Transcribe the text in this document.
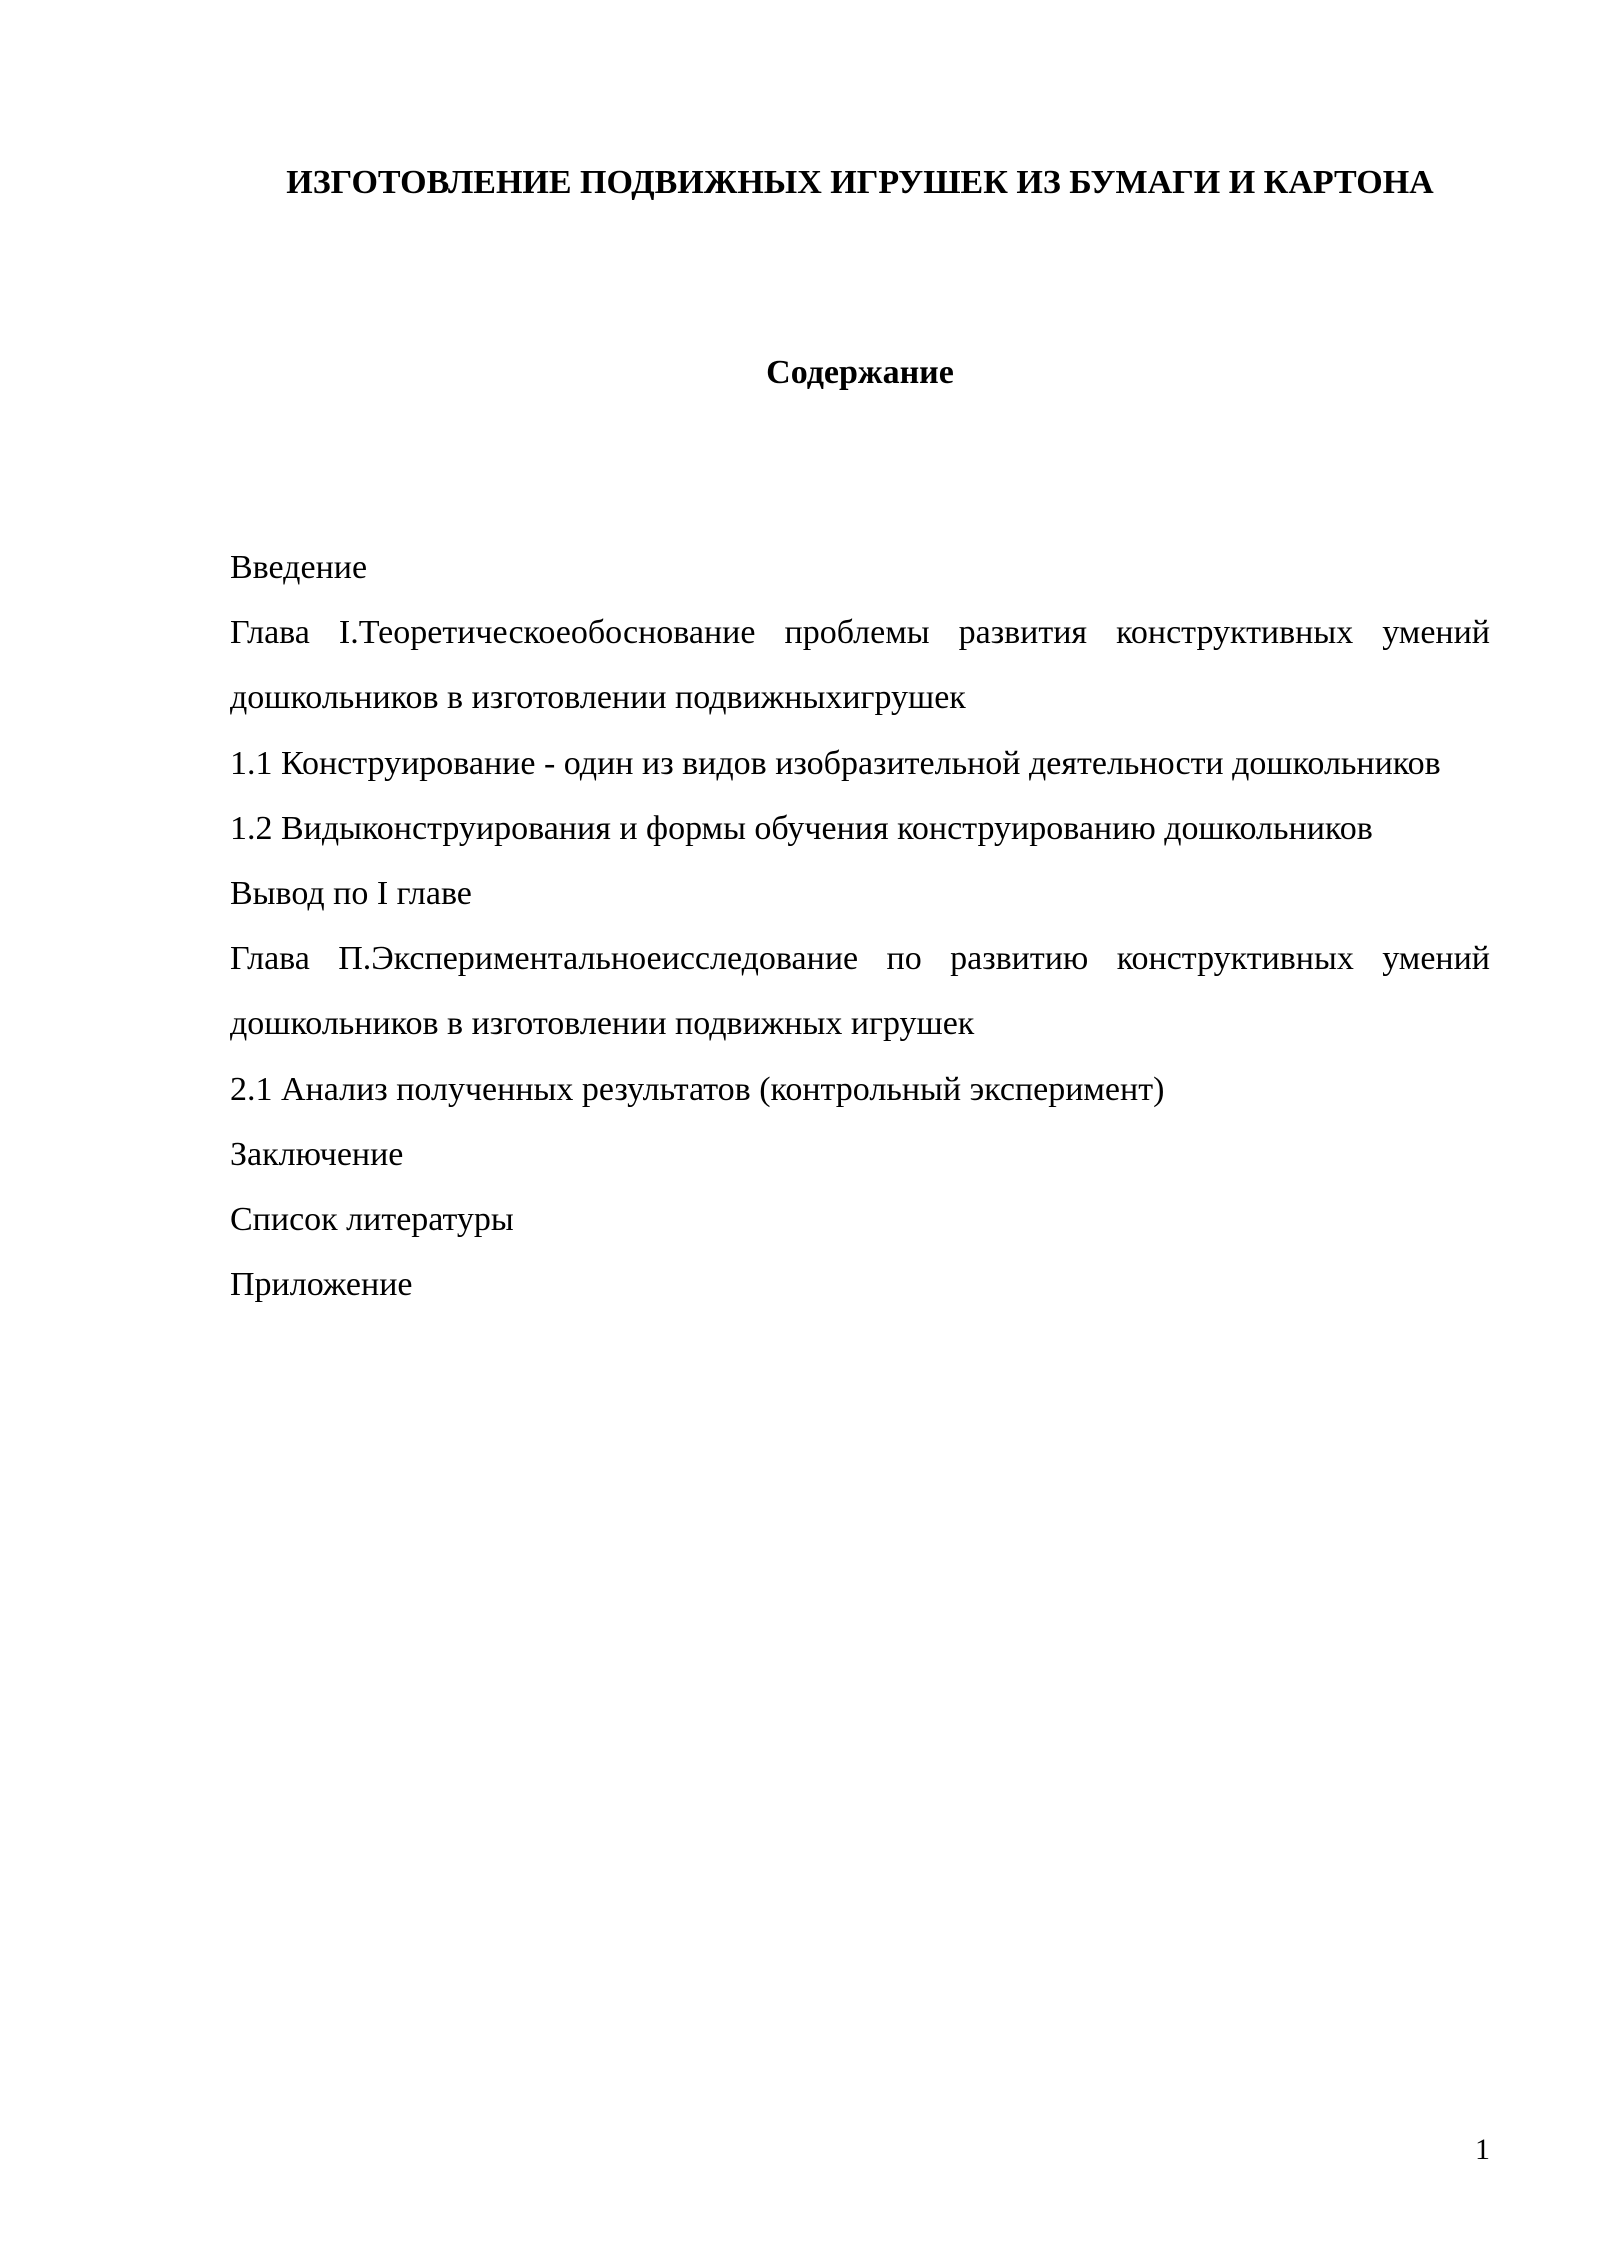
ИЗГОТОВЛЕНИЕ ПОДВИЖНЫХ ИГРУШЕК ИЗ БУМАГИ И КАРТОНА
Содержание

Введение

Глава I.Теоретическоеобоснование проблемы развития конструктивных умений дошкольников в изготовлении подвижныхигрушек

1.1 Конструирование - один из видов изобразительной деятельности дошкольников

1.2 Видыконструирования и формы обучения конструированию дошкольников

Вывод по I главе

Глава П.Экспериментальноеисследование по развитию конструктивных умений дошкольников в изготовлении подвижных игрушек

2.1 Анализ полученных результатов (контрольный эксперимент)

Заключение

Список литературы

Приложение

1
